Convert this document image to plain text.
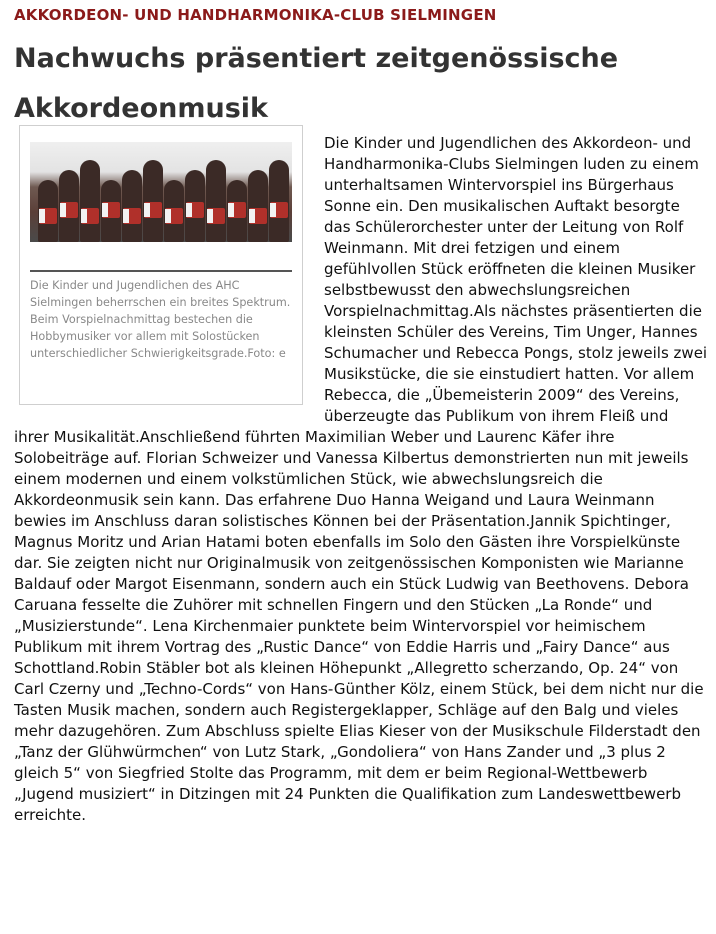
AKKORDEON- UND HANDHARMONIKA-CLUB SIELMINGEN
Nachwuchs präsentiert zeitgenössische Akkordeonmusik

Die Kinder und Jugendlichen des AHC Sielmingen beherrschen ein breites Spektrum. Beim Vorspielnachmittag bestechen die Hobbymusiker vor allem mit Solostücken unterschiedlicher Schwierigkeitsgrade.Foto: e

Die Kinder und Jugendlichen des Akkordeon- und Handharmonika-Clubs Sielmingen luden zu einem unterhaltsamen Wintervorspiel ins Bürgerhaus Sonne ein. Den musikalischen Auftakt besorgte das Schülerorchester unter der Leitung von Rolf Weinmann. Mit drei fetzigen und einem gefühlvollen Stück eröffneten die kleinen Musiker selbstbewusst den abwechslungsreichen Vorspielnachmittag.Als nächstes präsentierten die kleinsten Schüler des Vereins, Tim Unger, Hannes Schumacher und Rebecca Pongs, stolz jeweils zwei Musikstücke, die sie einstudiert hatten. Vor allem Rebecca, die „Übemeisterin 2009“ des Vereins, überzeugte das Publikum von ihrem Fleiß und ihrer Musikalität.Anschließend führten Maximilian Weber und Laurenc Käfer ihre Solobeiträge auf. Florian Schweizer und Vanessa Kilbertus demonstrierten nun mit jeweils einem modernen und einem volkstümlichen Stück, wie abwechslungsreich die Akkordeonmusik sein kann. Das erfahrene Duo Hanna Weigand und Laura Weinmann bewies im Anschluss daran solistisches Können bei der Präsentation.Jannik Spichtinger, Magnus Moritz und Arian Hatami boten ebenfalls im Solo den Gästen ihre Vorspielkünste dar. Sie zeigten nicht nur Originalmusik von zeitgenössischen Komponisten wie Marianne Baldauf oder Margot Eisenmann, sondern auch ein Stück Ludwig van Beethovens. Debora Caruana fesselte die Zuhörer mit schnellen Fingern und den Stücken „La Ronde“ und „Musizierstunde“. Lena Kirchenmaier punktete beim Wintervorspiel vor heimischem Publikum mit ihrem Vortrag des „Rustic Dance“ von Eddie Harris und „Fairy Dance“ aus Schottland.Robin Stäbler bot als kleinen Höhepunkt „Allegretto scherzando, Op. 24“ von Carl Czerny und „Techno-Cords“ von Hans-Günther Kölz, einem Stück, bei dem nicht nur die Tasten Musik machen, sondern auch Registergeklapper, Schläge auf den Balg und vieles mehr dazugehören. Zum Abschluss spielte Elias Kieser von der Musikschule Filderstadt den „Tanz der Glühwürmchen“ von Lutz Stark, „Gondoliera“ von Hans Zander und „3 plus 2 gleich 5“ von Siegfried Stolte das Programm, mit dem er beim Regional-Wettbewerb „Jugend musiziert“ in Ditzingen mit 24 Punkten die Qualifikation zum Landeswettbewerb erreichte.
